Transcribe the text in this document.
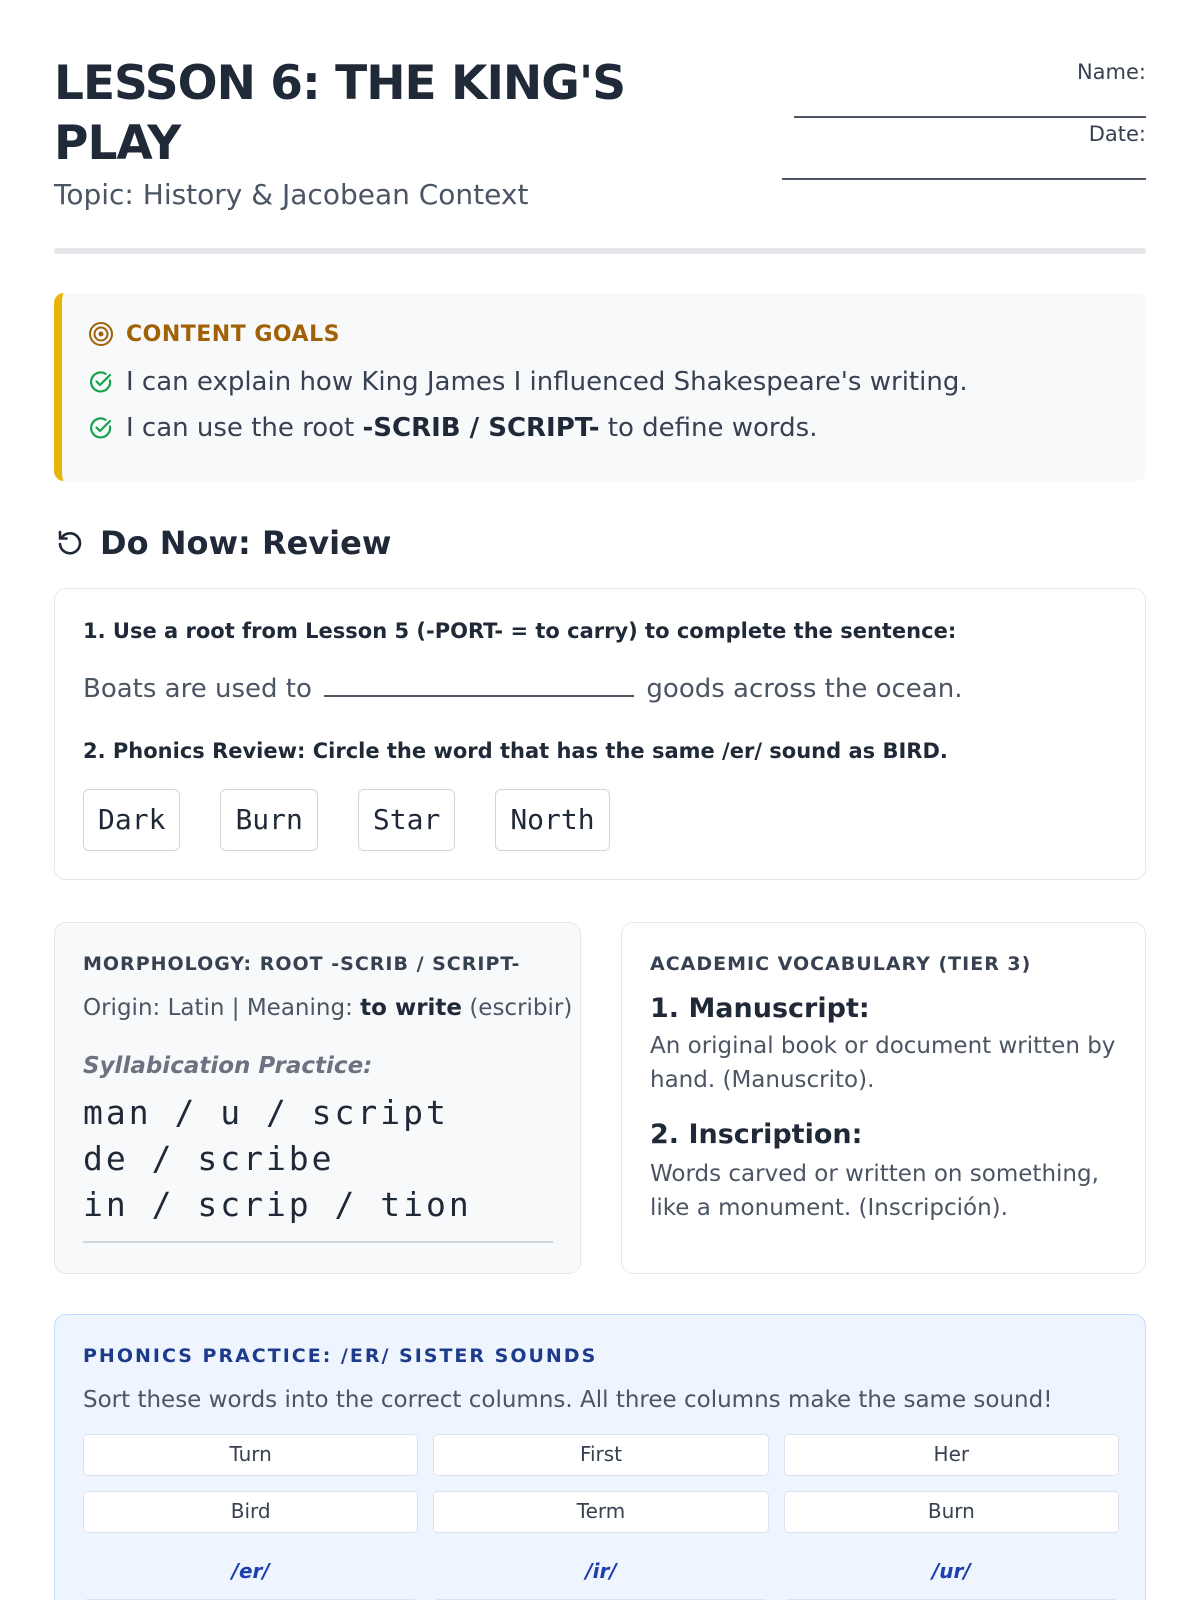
LESSON 6: THE KING'S PLAY
Topic: History & Jacobean Context
Name:
Date:
CONTENT GOALS
I can explain how King James I influenced Shakespeare's writing.
I can use the root -SCRIB / SCRIPT- to define words.
Do Now: Review
1. Use a root from Lesson 5 (-PORT- = to carry) to complete the sentence:
Boats are used to	goods across the ocean.
2. Phonics Review: Circle the word that has the same /er/ sound as BIRD.
Dark	Burn	Star	North
MORPHOLOGY: ROOT -SCRIB / SCRIPT-
Origin: Latin | Meaning: to write (escribir)
Syllabication Practice:
man / u / script
de / scribe
in / scrip / tion
ACADEMIC VOCABULARY (TIER 3)
1. Manuscript:
An original book or document written by hand. (Manuscrito).
2. Inscription:
Words carved or written on something, like a monument. (Inscripción).
PHONICS PRACTICE: /ER/ SISTER SOUNDS
Sort these words into the correct columns. All three columns make the same sound!
Turn	First	Her
Bird	Term	Burn
/er/	/ir/	/ur/
